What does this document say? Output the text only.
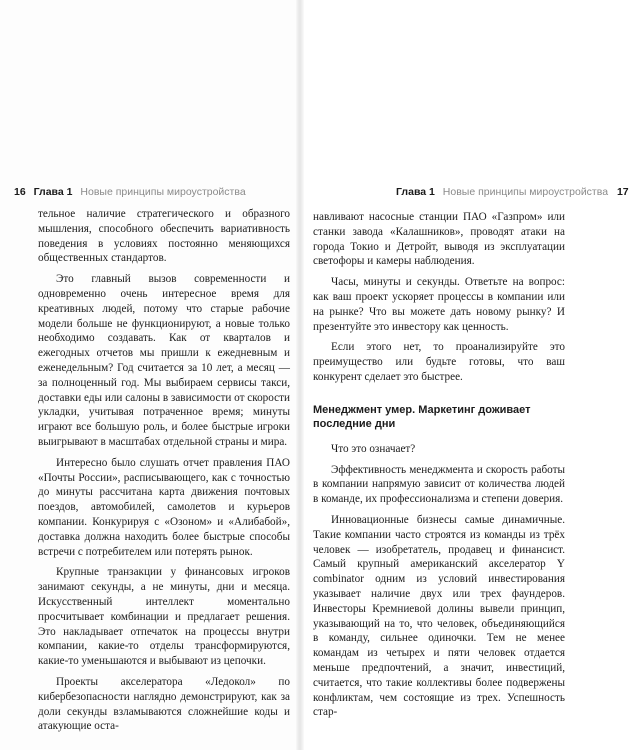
16 Глава 1 Новые принципы мироустройства	Глава 1 Новые принципы мироустройства 17

тельное наличие стратегического и образного мышления, способного обеспечить вариативность поведения в условиях постоянно меняющихся общественных стандартов.

Это главный вызов современности и одновременно очень интересное время для креативных людей, потому что старые рабочие модели больше не функционируют, а новые только необходимо создавать. Как от кварталов и ежегодных отчетов мы пришли к ежедневным и еженедельным? Год считается за 10 лет, а месяц — за полноценный год. Мы выбираем сервисы такси, доставки еды или салоны в зависимости от скорости укладки, учитывая потраченное время; минуты играют все большую роль, и более быстрые игроки выигрывают в масштабах отдельной страны и мира.

Интересно было слушать отчет правления ПАО «Почты России», расписывающего, как с точностью до минуты рассчитана карта движения почтовых поездов, автомобилей, самолетов и курьеров компании. Конкурируя с «Озоном» и «Алибабой», доставка должна находить более быстрые способы встречи с потребителем или потерять рынок.

Крупные транзакции у финансовых игроков занимают секунды, а не минуты, дни и месяца. Искусственный интеллект моментально просчитывает комбинации и предлагает решения. Это накладывает отпечаток на процессы внутри компании, какие-то отделы трансформируются, какие-то уменьшаются и выбывают из цепочки.

Проекты акселератора «Ледокол» по кибербезопасности наглядно демонстрируют, как за доли секунды взламываются сложнейшие коды и атакующие оста-

навливают насосные станции ПАО «Газпром» или станки завода «Калашников», проводят атаки на города Токио и Детройт, выводя из эксплуатации светофоры и камеры наблюдения.

Часы, минуты и секунды. Ответьте на вопрос: как ваш проект ускоряет процессы в компании или на рынке? Что вы можете дать новому рынку? И презентуйте это инвестору как ценность.

Если этого нет, то проанализируйте это преимущество или будьте готовы, что ваш конкурент сделает это быстрее.

Менеджмент умер. Маркетинг доживает последние дни

Что это означает?

Эффективность менеджмента и скорость работы в компании напрямую зависит от количества людей в команде, их профессионализма и степени доверия.

Инновационные бизнесы самые динамичные. Такие компании часто строятся из команды из трёх человек — изобретатель, продавец и финансист. Самый крупный американский акселератор Y combinator одним из условий инвестирования указывает наличие двух или трех фаундеров. Инвесторы Кремниевой долины вывели принцип, указывающий на то, что человек, объединяющийся в команду, сильнее одиночки. Тем не менее командам из четырех и пяти человек отдается меньше предпочтений, а значит, инвестиций, считается, что такие коллективы более подвержены конфликтам, чем состоящие из трех. Успешность стар-
